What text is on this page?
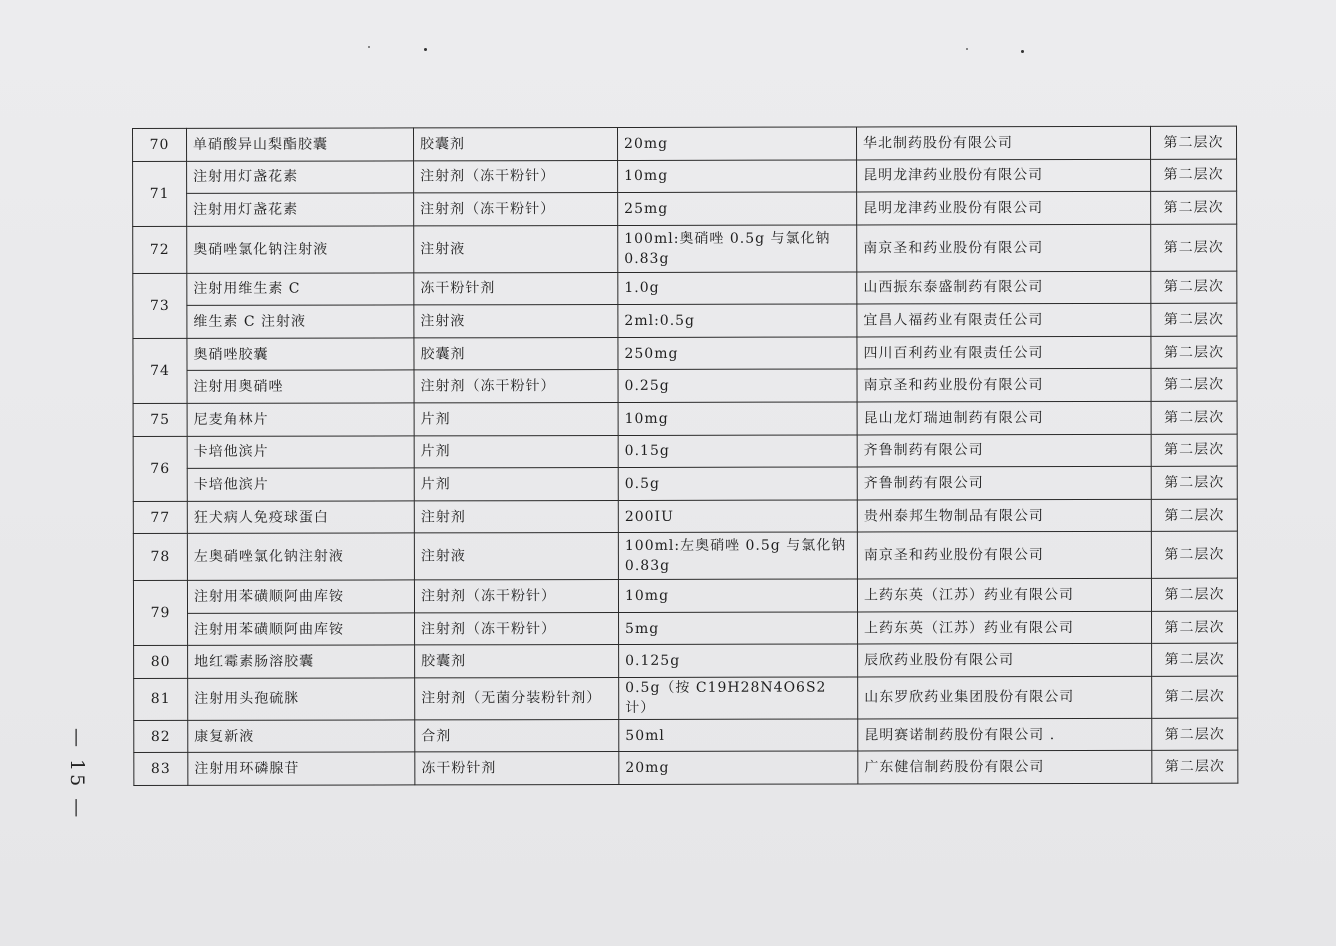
70	单硝酸异山梨酯胶囊	胶囊剂	20mg	华北制药股份有限公司	第二层次
71	注射用灯盏花素	注射剂（冻干粉针）	10mg	昆明龙津药业股份有限公司	第二层次
	注射用灯盏花素	注射剂（冻干粉针）	25mg	昆明龙津药业股份有限公司	第二层次
72	奥硝唑氯化钠注射液	注射液	100ml:奥硝唑 0.5g 与氯化钠 0.83g	南京圣和药业股份有限公司	第二层次
73	注射用维生素 C	冻干粉针剂	1.0g	山西振东泰盛制药有限公司	第二层次
	维生素 C 注射液	注射液	2ml:0.5g	宜昌人福药业有限责任公司	第二层次
74	奥硝唑胶囊	胶囊剂	250mg	四川百利药业有限责任公司	第二层次
	注射用奥硝唑	注射剂（冻干粉针）	0.25g	南京圣和药业股份有限公司	第二层次
75	尼麦角林片	片剂	10mg	昆山龙灯瑞迪制药有限公司	第二层次
76	卡培他滨片	片剂	0.15g	齐鲁制药有限公司	第二层次
	卡培他滨片	片剂	0.5g	齐鲁制药有限公司	第二层次
77	狂犬病人免疫球蛋白	注射剂	200IU	贵州泰邦生物制品有限公司	第二层次
78	左奥硝唑氯化钠注射液	注射液	100ml:左奥硝唑 0.5g 与氯化钠 0.83g	南京圣和药业股份有限公司	第二层次
79	注射用苯磺顺阿曲库铵	注射剂（冻干粉针）	10mg	上药东英（江苏）药业有限公司	第二层次
	注射用苯磺顺阿曲库铵	注射剂（冻干粉针）	5mg	上药东英（江苏）药业有限公司	第二层次
80	地红霉素肠溶胶囊	胶囊剂	0.125g	辰欣药业股份有限公司	第二层次
81	注射用头孢硫脒	注射剂（无菌分装粉针剂）	0.5g（按 C19H28N4O6S2 计）	山东罗欣药业集团股份有限公司	第二层次
82	康复新液	合剂	50ml	昆明赛诺制药股份有限公司 .	第二层次
83	注射用环磷腺苷	冻干粉针剂	20mg	广东健信制药股份有限公司	第二层次
— 15 —
